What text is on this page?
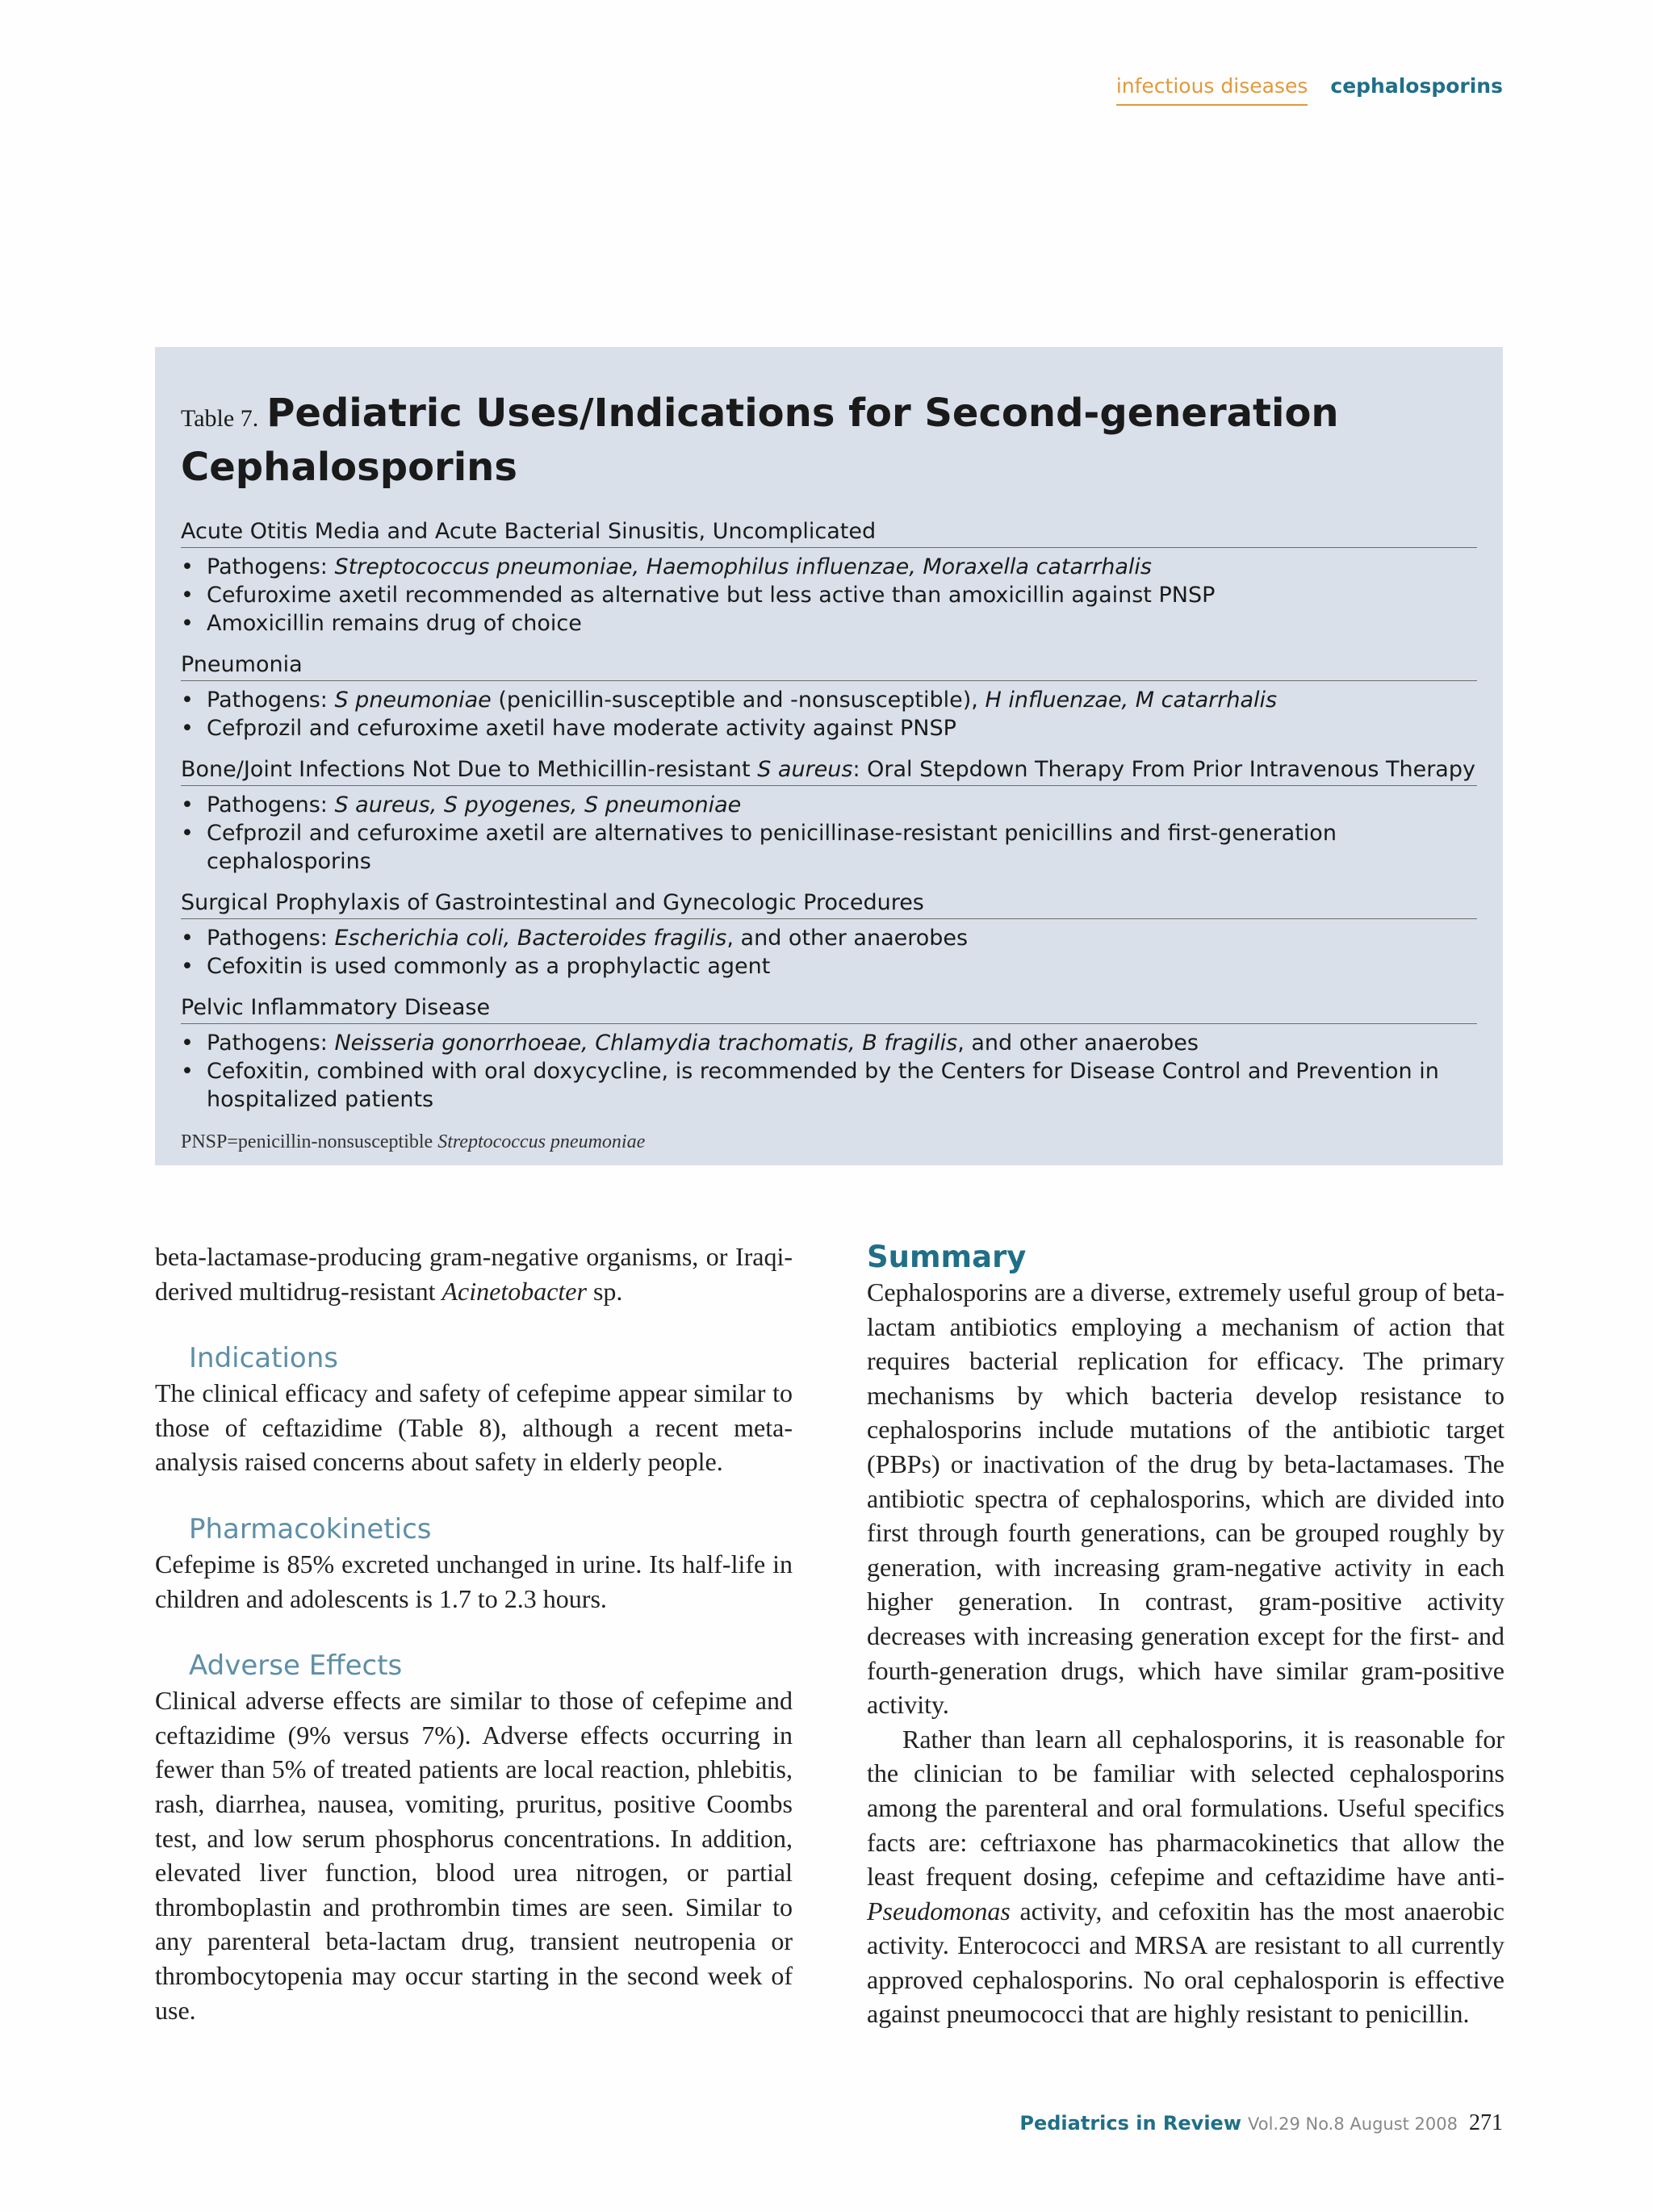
infectious diseases cephalosporins
Table 7. Pediatric Uses/Indications for Second-generation Cephalosporins
Acute Otitis Media and Acute Bacterial Sinusitis, Uncomplicated
• Pathogens: Streptococcus pneumoniae, Haemophilus influenzae, Moraxella catarrhalis
• Cefuroxime axetil recommended as alternative but less active than amoxicillin against PNSP
• Amoxicillin remains drug of choice
Pneumonia
• Pathogens: S pneumoniae (penicillin-susceptible and -nonsusceptible), H influenzae, M catarrhalis
• Cefprozil and cefuroxime axetil have moderate activity against PNSP
Bone/Joint Infections Not Due to Methicillin-resistant S aureus: Oral Stepdown Therapy From Prior Intravenous Therapy
• Pathogens: S aureus, S pyogenes, S pneumoniae
• Cefprozil and cefuroxime axetil are alternatives to penicillinase-resistant penicillins and first-generation cephalosporins
Surgical Prophylaxis of Gastrointestinal and Gynecologic Procedures
• Pathogens: Escherichia coli, Bacteroides fragilis, and other anaerobes
• Cefoxitin is used commonly as a prophylactic agent
Pelvic Inflammatory Disease
• Pathogens: Neisseria gonorrhoeae, Chlamydia trachomatis, B fragilis, and other anaerobes
• Cefoxitin, combined with oral doxycycline, is recommended by the Centers for Disease Control and Prevention in hospitalized patients
PNSP=penicillin-nonsusceptible Streptococcus pneumoniae

beta-lactamase-producing gram-negative organisms, or Iraqi-derived multidrug-resistant Acinetobacter sp.

Indications

The clinical efficacy and safety of cefepime appear similar to those of ceftazidime (Table 8), although a recent meta-analysis raised concerns about safety in elderly people.

Pharmacokinetics

Cefepime is 85% excreted unchanged in urine. Its half-life in children and adolescents is 1.7 to 2.3 hours.

Adverse Effects

Clinical adverse effects are similar to those of cefepime and ceftazidime (9% versus 7%). Adverse effects occurring in fewer than 5% of treated patients are local reaction, phlebitis, rash, diarrhea, nausea, vomiting, pruritus, positive Coombs test, and low serum phosphorus concentrations. In addition, elevated liver function, blood urea nitrogen, or partial thromboplastin and prothrombin times are seen. Similar to any parenteral beta-lactam drug, transient neutropenia or thrombocytopenia may occur starting in the second week of use.

Summary

Cephalosporins are a diverse, extremely useful group of beta-lactam antibiotics employing a mechanism of action that requires bacterial replication for efficacy. The primary mechanisms by which bacteria develop resistance to cephalosporins include mutations of the antibiotic target (PBPs) or inactivation of the drug by beta-lactamases. The antibiotic spectra of cephalosporins, which are divided into first through fourth generations, can be grouped roughly by generation, with increasing gram-negative activity in each higher generation. In contrast, gram-positive activity decreases with increasing generation except for the first- and fourth-generation drugs, which have similar gram-positive activity.

Rather than learn all cephalosporins, it is reasonable for the clinician to be familiar with selected cephalosporins among the parenteral and oral formulations. Useful specifics facts are: ceftriaxone has pharmacokinetics that allow the least frequent dosing, cefepime and ceftazidime have anti-Pseudomonas activity, and cefoxitin has the most anaerobic activity. Enterococci and MRSA are resistant to all currently approved cephalosporins. No oral cephalosporin is effective against pneumococci that are highly resistant to penicillin.

Pediatrics in Review Vol.29 No.8 August 2008 271
